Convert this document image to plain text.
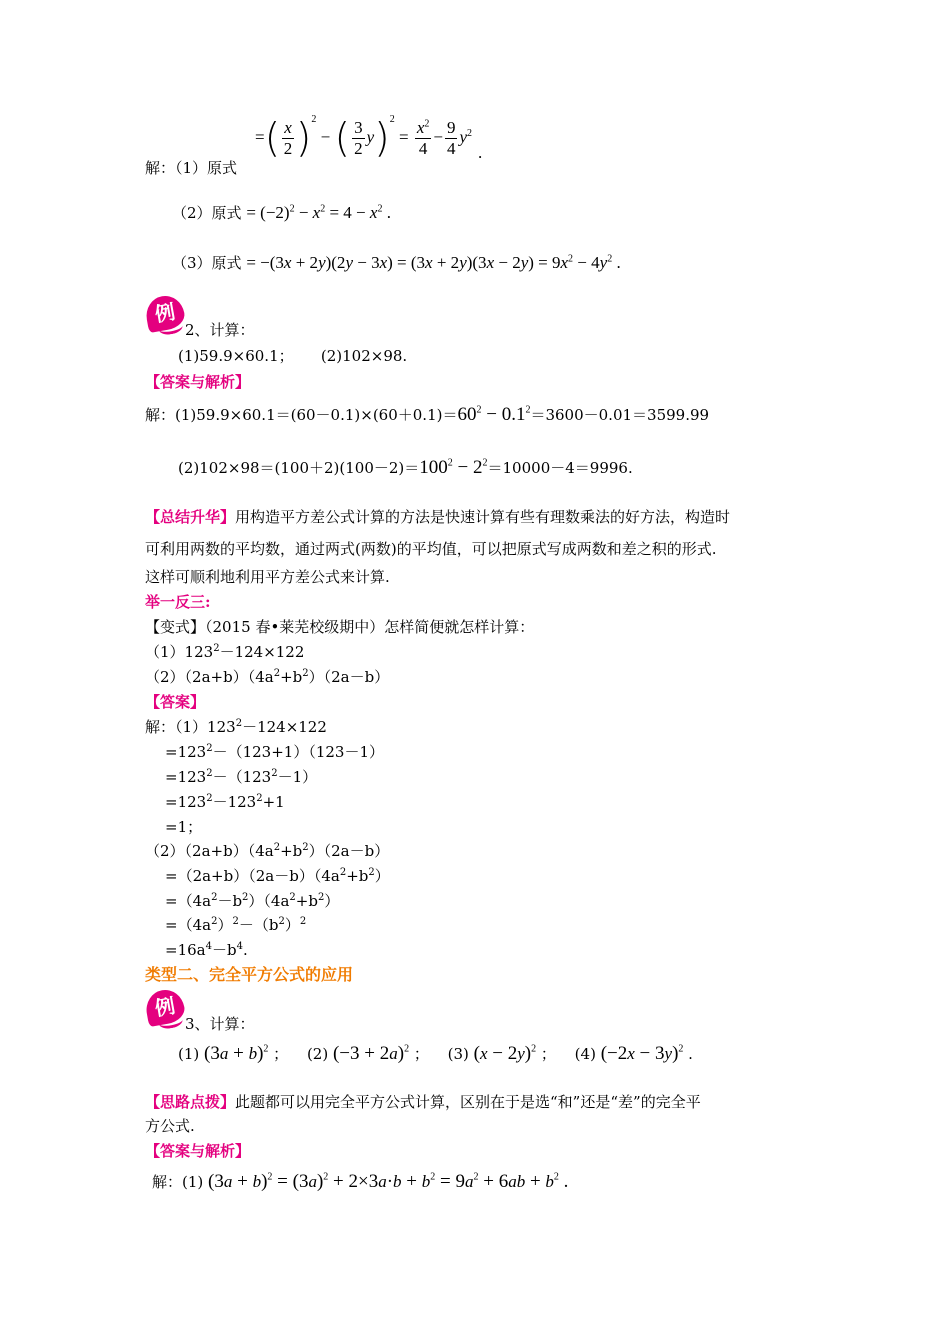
解：（1）原式
=( $\frac{x}{2} )^2$ − ( $\frac{3}{2} y)^2 = \frac{x^2}{4} - \frac{9}{4} y^2$.
（2）原式 = $(-2)^2 - x^2 = 4 - x^2$ .
（3）原式 = $-(3x + 2y)(2y - 3x) = (3x + 2y)(3x - 2y) = 9x^2 - 4y^2$ .
例
2、计算：
(1)59.9×60.1；　　 (2)102×98.
【答案与解析】
解：$(1)59.9\times 60.1=(60-0.1)\times(60+0.1)=60^2 - 0.1^2=3600-0.01=3599.99$
$(2)102\times 98=(100+2)(100-2)=100^2 - 2^2=10000-4=9996$.
【总结升华】用构造平方差公式计算的方法是快速计算有些有理数乘法的好方法，构造时
可利用两数的平均数，通过两式(两数)的平均值，可以把原式写成两数和差之积的形式.
这样可顺利地利用平方差公式来计算.
举一反三:
【变式】（2015 春•莱芜校级期中）怎样简便就怎样计算：
$(1)123^2-124\times 122$
$(2)(2a+b)(4a^2+b^2)(2a-b)$
【答案】
解：$(1)123^2-124\times 122$
$=123^2-(123+1)(123-1)$
$=123^2-(123^2-1)$
$=123^2-123^2+1$
=1；
$(2)(2a+b)(4a^2+b^2)(2a-b)$
$=(2a+b)(2a-b)(4a^2+b^2)$
$=(4a^2-b^2)(4a^2+b^2)$
$=(4a^2)^2-(b^2)^2$
$=16a^4-b^4$.
类型二、完全平方公式的应用
例
3、计算：
(1) $(3a + b)^2$ ； (2) $(-3 + 2a)^2$ ； (3) $(x - 2y)^2$ ； (4) $(-2x - 3y)^2$ .
【思路点拨】此题都可以用完全平方公式计算，区别在于是选“和”还是“差”的完全平
方公式.
【答案与解析】
解：(1) $(3a + b)^2 = (3a)^2 + 2\times 3a\cdot b + b^2 = 9a^2 + 6ab + b^2$ .
